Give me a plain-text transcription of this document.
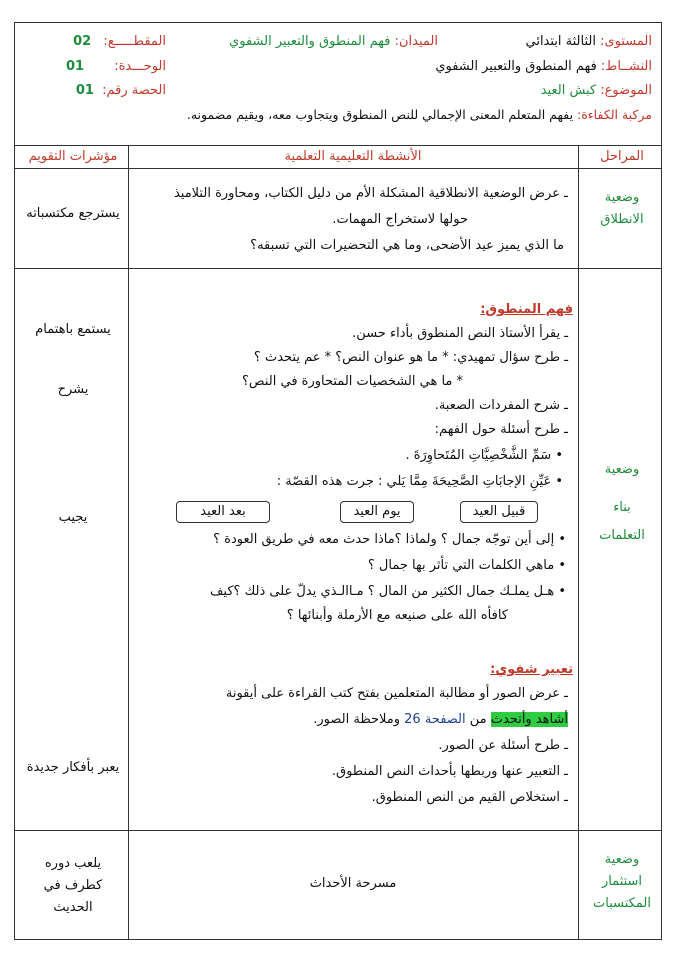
المستوى: الثالثة ابتدائي
الميدان: فهم المنطوق والتعبير الشفوي
المقطـــــع: 02
النشــاط: فهم المنطوق والتعبير الشفوي
الوحـــدة: 01
الموضوع: كبش العيد
الحصة رقم: 01
مركبة الكفاءة: يفهم المتعلم المعنى الإجمالي للنص المنطوق ويتجاوب معه، ويقيم مضمونه.
المراحل
الأنشطة التعليمية التعلمية
مؤشرات التقويم
وضعية
الانطلاق
ـ عرض الوضعية الانطلاقية المشكلة الأم من دليل الكتاب، ومحاورة التلاميذ
حولها لاستخراج المهمات.
ما الذي يميز عيد الأضحى، وما هي التحضيرات التي تسبقه؟
يسترجع مكتسباته
وضعية
بناء
التعلمات
فهم المنطوق:
ـ يقرأ الأستاذ النص المنطوق بأداء حسن.
ـ طرح سؤال تمهيدي: * ما هو عنوان النص؟ * عم يتحدث ؟
* ما هي الشخصيات المتحاورة في النص؟
ـ شرح المفردات الصعبة.
ـ طرح أسئلة حول الفهم:
• سَمِّ الشَّخْصِيَّاتِ المُتَحاوِرَةَ .
• عَيِّنِ الإجابَاتِ الصَّحِيحَةَ مِمَّا يَلي : جرت هذه القصّة :
قبيل العيد
يوم العيد
بعد العيد
• إلى أين توجّه جمال ؟ ولماذا ؟ماذا حدث معه في طريق العودة ؟
• ماهي الكلمات التي تأثر بها جمال ؟
• هـل يملـك جمال الكثير من المال ؟ مـاالـذي يدلّ على ذلك ؟كيف
كافأه الله على صنيعه مع الأرملة وأبنائها ؟
تعبير شفوي:
ـ عرض الصور أو مطالبة المتعلمين بفتح كتب القراءة على أيقونة
أشاهد وأتحدث من الصفحة 26 وملاحظة الصور.
ـ طرح أسئلة عن الصور.
ـ التعبير عنها وربطها بأحداث النص المنطوق.
ـ استخلاص القيم من النص المنطوق.
يستمع باهتمام
يشرح
يجيب
يعبر بأفكار جديدة
وضعية
استثمار
المكتسبات
مسرحة الأحداث
يلعب دوره
كطرف في
الحديث
